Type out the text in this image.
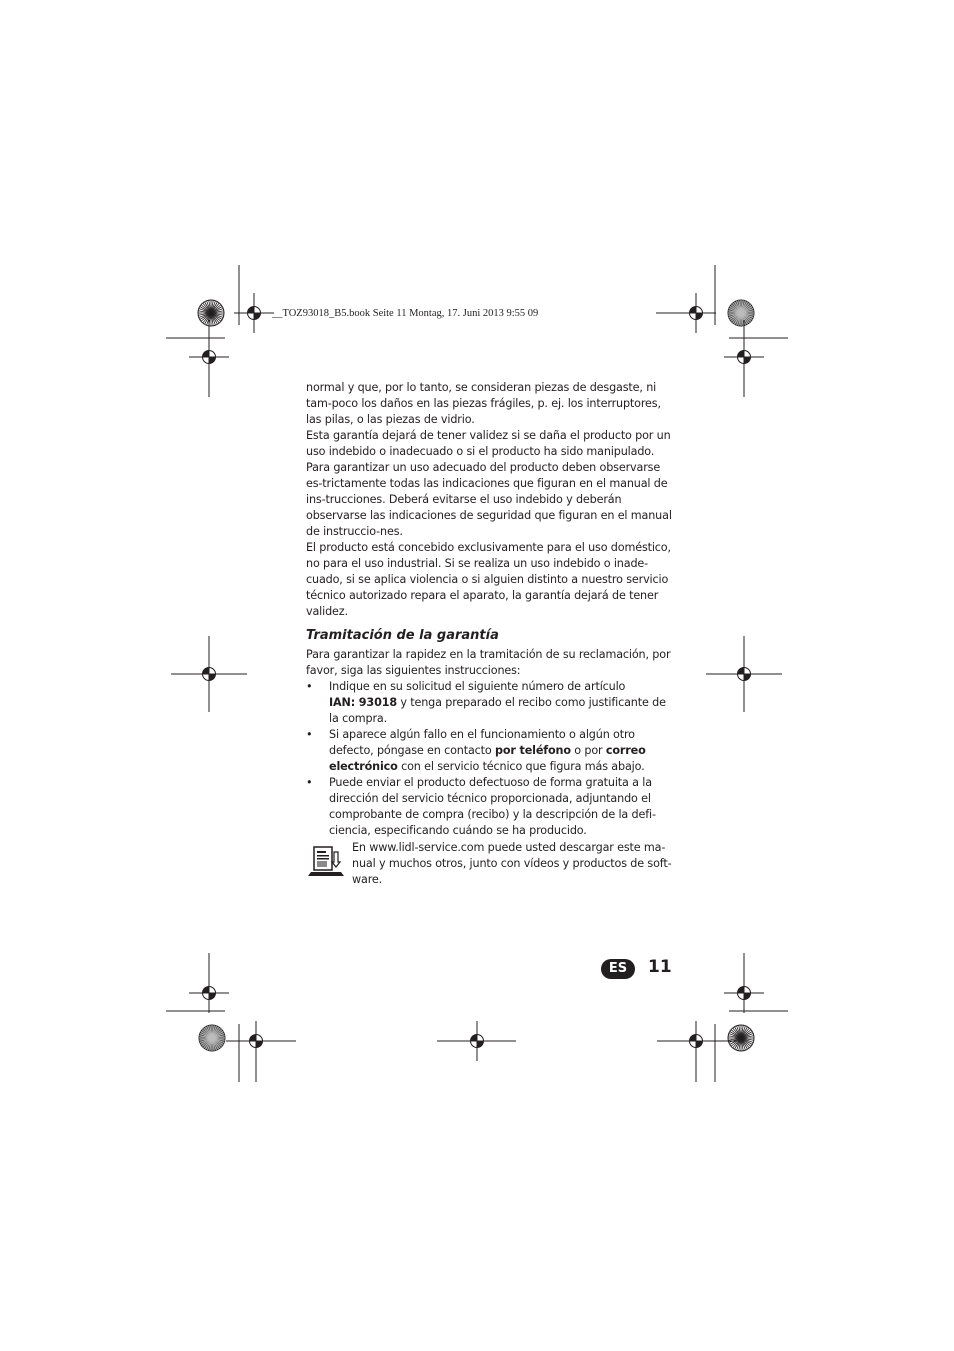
__TOZ93018_B5.book Seite 11 Montag, 17. Juni 2013 9:55 09

normal y que, por lo tanto, se consideran piezas de desgaste, ni tam-poco los daños en las piezas frágiles, p. ej. los interruptores, las pilas, o las piezas de vidrio.

Esta garantía dejará de tener validez si se daña el producto por un uso indebido o inadecuado o si el producto ha sido manipulado. Para garantizar un uso adecuado del producto deben observarse es-trictamente todas las indicaciones que figuran en el manual de ins-trucciones. Deberá evitarse el uso indebido y deberán observarse las indicaciones de seguridad que figuran en el manual de instruccio-nes.

El producto está concebido exclusivamente para el uso doméstico, no para el uso industrial. Si se realiza un uso indebido o inade-cuado, si se aplica violencia o si alguien distinto a nuestro servicio técnico autorizado repara el aparato, la garantía dejará de tener validez.

Tramitación de la garantía

Para garantizar la rapidez en la tramitación de su reclamación, por favor, siga las siguientes instrucciones:

• Indique en su solicitud el siguiente número de artículo
IAN: 93018 y tenga preparado el recibo como justificante de la compra.
• Si aparece algún fallo en el funcionamiento o algún otro defecto, póngase en contacto por teléfono o por correo electrónico con el servicio técnico que figura más abajo.
• Puede enviar el producto defectuoso de forma gratuita a la dirección del servicio técnico proporcionada, adjuntando el comprobante de compra (recibo) y la descripción de la defi-ciencia, especificando cuándo se ha producido.
En www.lidl-service.com puede usted descargar este ma-nual y muchos otros, junto con vídeos y productos de soft-ware.
ES	11
